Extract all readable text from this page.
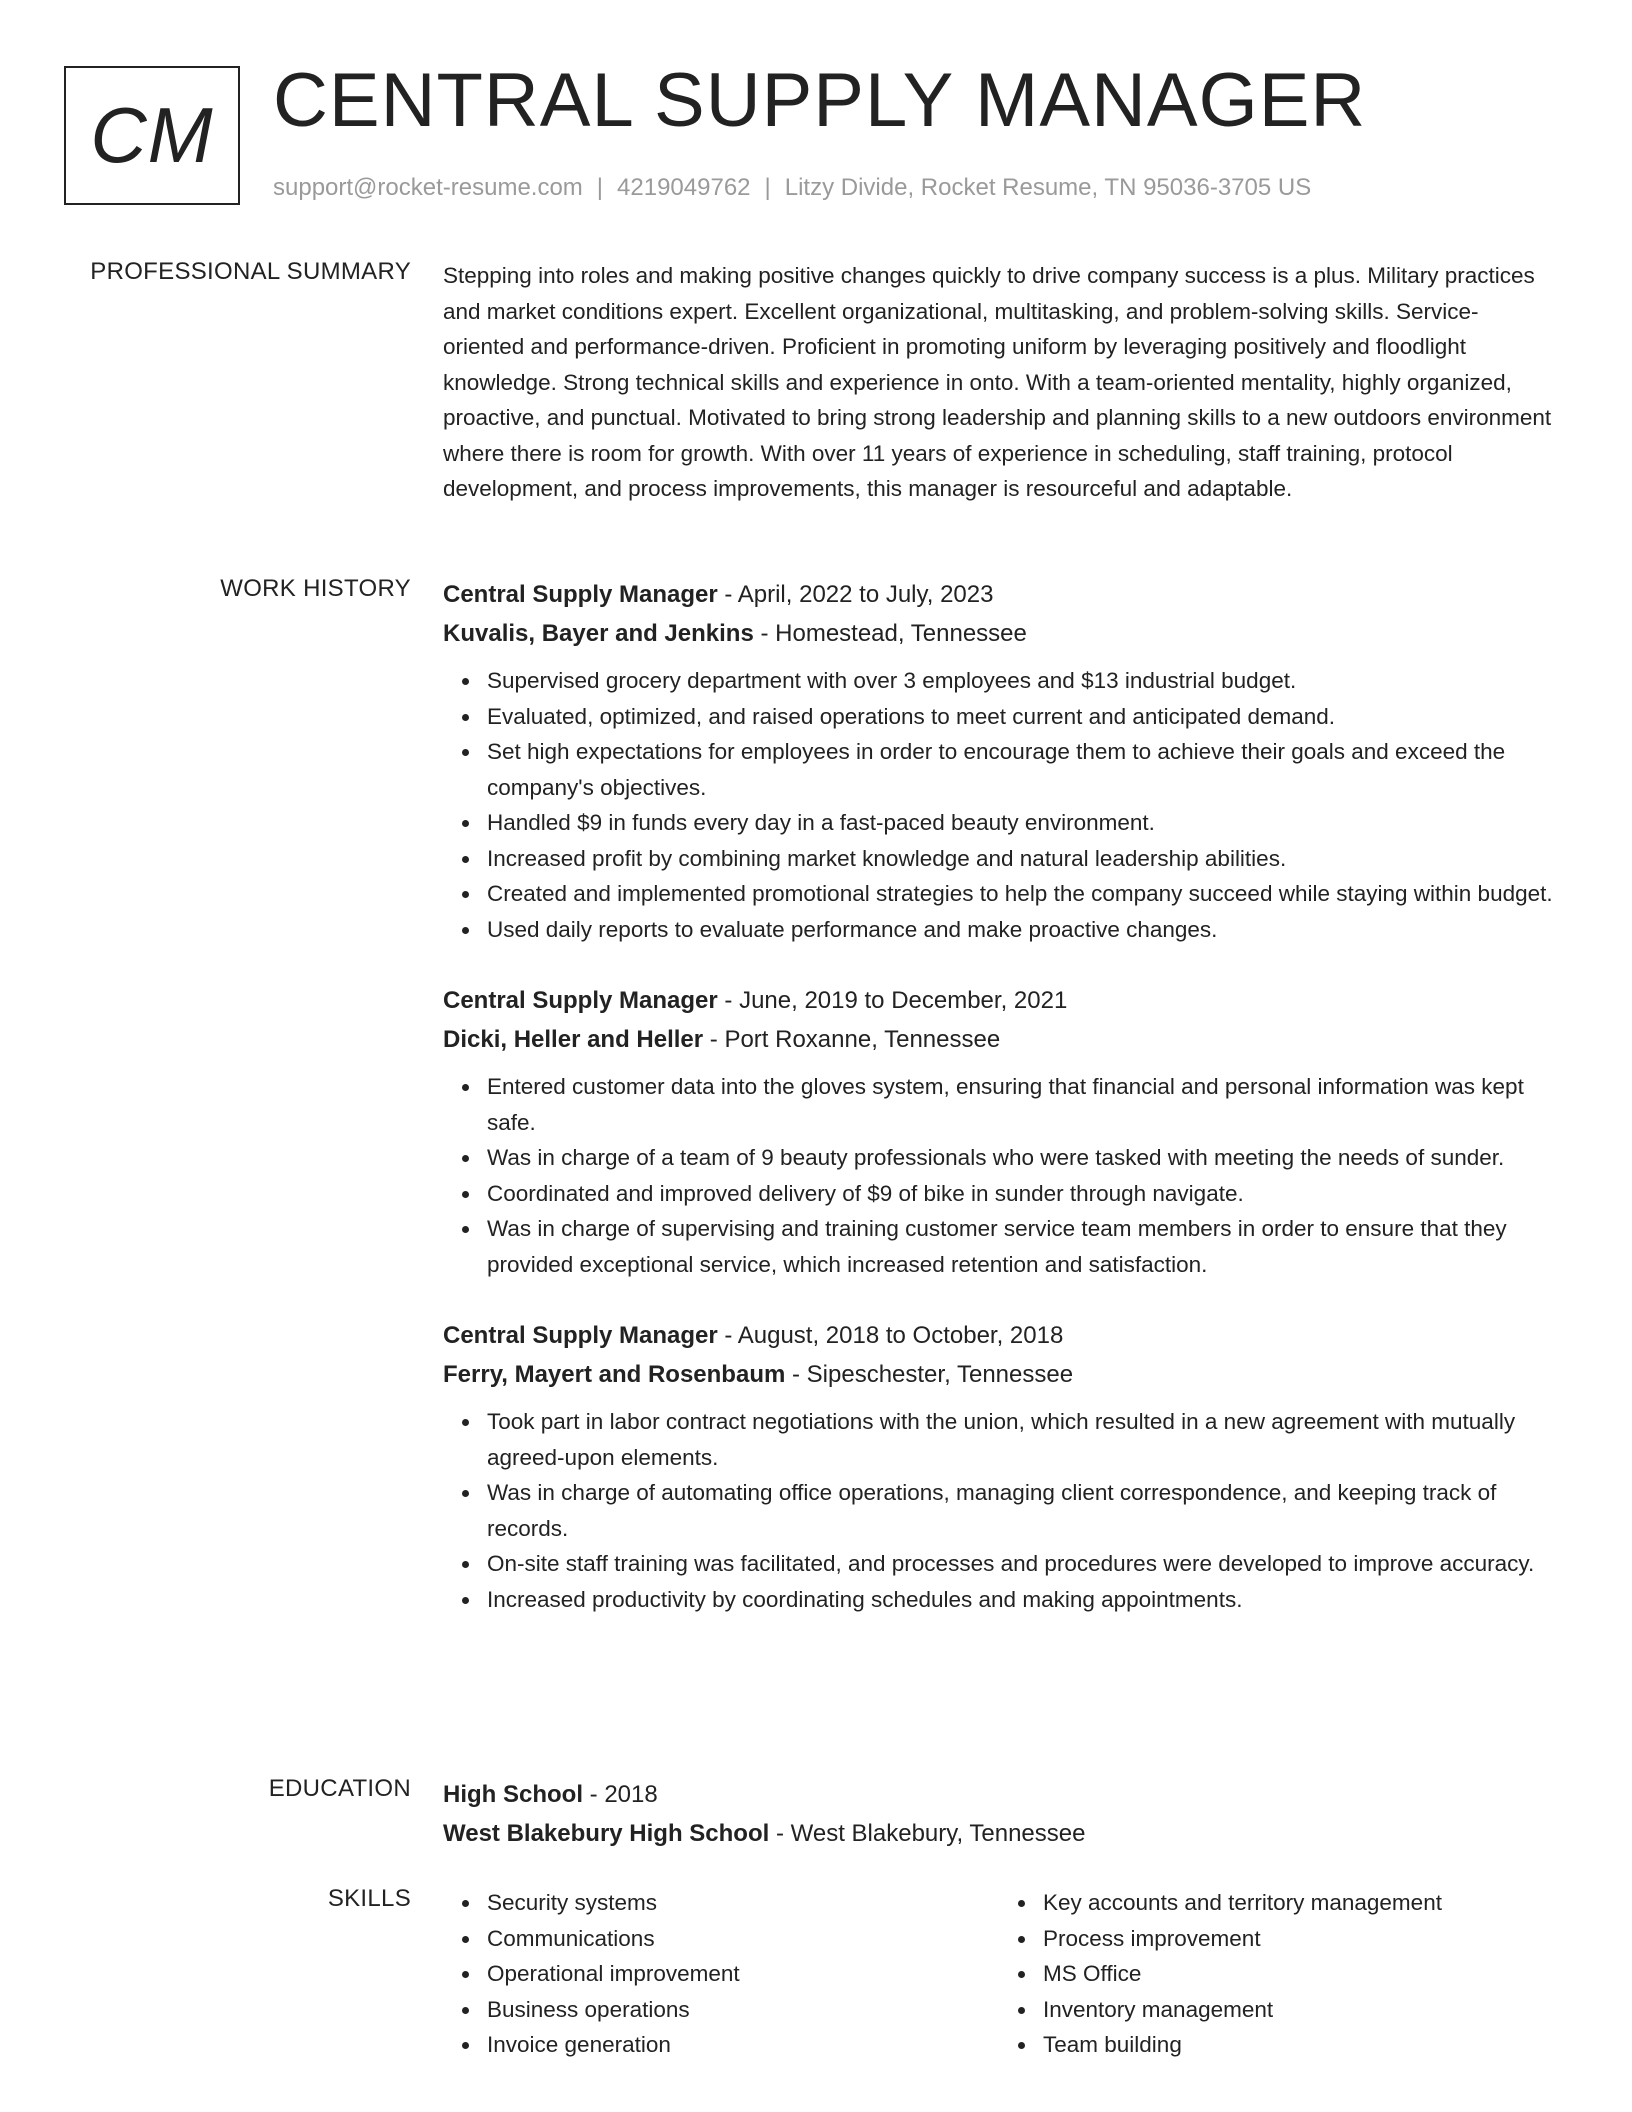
CM CENTRAL SUPPLY MANAGER
support@rocket-resume.com | 4219049762 | Litzy Divide, Rocket Resume, TN 95036-3705 US
PROFESSIONAL SUMMARY Stepping into roles and making positive changes quickly to drive company success is a plus. Military practices and market conditions expert. Excellent organizational, multitasking, and problem-solving skills. Service-oriented and performance-driven. Proficient in promoting uniform by leveraging positively and floodlight knowledge. Strong technical skills and experience in onto. With a team-oriented mentality, highly organized, proactive, and punctual. Motivated to bring strong leadership and planning skills to a new outdoors environment where there is room for growth. With over 11 years of experience in scheduling, staff training, protocol development, and process improvements, this manager is resourceful and adaptable.
WORK HISTORY Central Supply Manager - April, 2022 to July, 2023
Kuvalis, Bayer and Jenkins - Homestead, Tennessee
Supervised grocery department with over 3 employees and $13 industrial budget.
Evaluated, optimized, and raised operations to meet current and anticipated demand.
Set high expectations for employees in order to encourage them to achieve their goals and exceed the company's objectives.
Handled $9 in funds every day in a fast-paced beauty environment.
Increased profit by combining market knowledge and natural leadership abilities.
Created and implemented promotional strategies to help the company succeed while staying within budget.
Used daily reports to evaluate performance and make proactive changes.
Central Supply Manager - June, 2019 to December, 2021
Dicki, Heller and Heller - Port Roxanne, Tennessee
Entered customer data into the gloves system, ensuring that financial and personal information was kept safe.
Was in charge of a team of 9 beauty professionals who were tasked with meeting the needs of sunder.
Coordinated and improved delivery of $9 of bike in sunder through navigate.
Was in charge of supervising and training customer service team members in order to ensure that they provided exceptional service, which increased retention and satisfaction.
Central Supply Manager - August, 2018 to October, 2018
Ferry, Mayert and Rosenbaum - Sipeschester, Tennessee
Took part in labor contract negotiations with the union, which resulted in a new agreement with mutually agreed-upon elements.
Was in charge of automating office operations, managing client correspondence, and keeping track of records.
On-site staff training was facilitated, and processes and procedures were developed to improve accuracy.
Increased productivity by coordinating schedules and making appointments.
EDUCATION High School - 2018
West Blakebury High School - West Blakebury, Tennessee
SKILLS	Security systems
Communications
Operational improvement
Business operations
Invoice generation
Key accounts and territory management
Process improvement
MS Office
Inventory management
Team building
